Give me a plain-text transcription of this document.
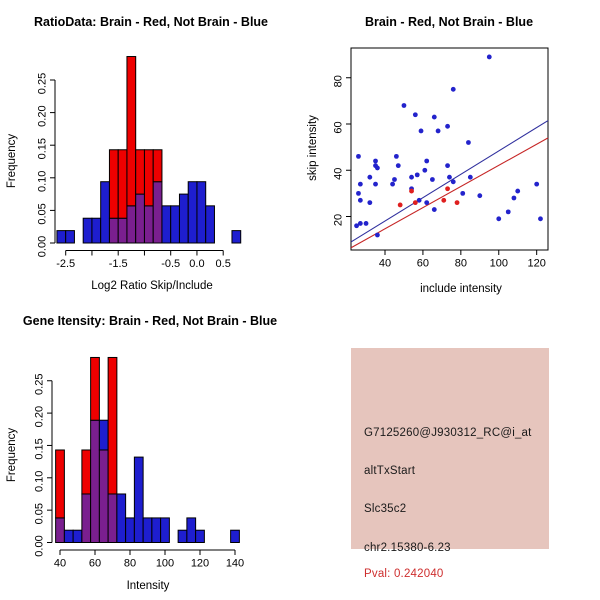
RatioData: Brain - Red, Not Brain - Blue
Log2 Ratio Skip/Include
Frequency
-2.5	-1.5	-0.5 0.0 0.5
0.00
0.05
0.10
0.15
0.20
0.25
Brain - Red, Not Brain - Blue
include intensity
skip intensity
40 60 80 100 120
20
40
60
80
Gene Itensity: Brain - Red, Not Brain - Blue
Intensity
Frequency
40 60 80 100 120 140
0.00
0.05
0.10
0.15
0.20
0.25
G7125260@J930312_RC@i_at
altTxStart
Slc35c2
chr2.15380-6.23
Pval: 0.242040
